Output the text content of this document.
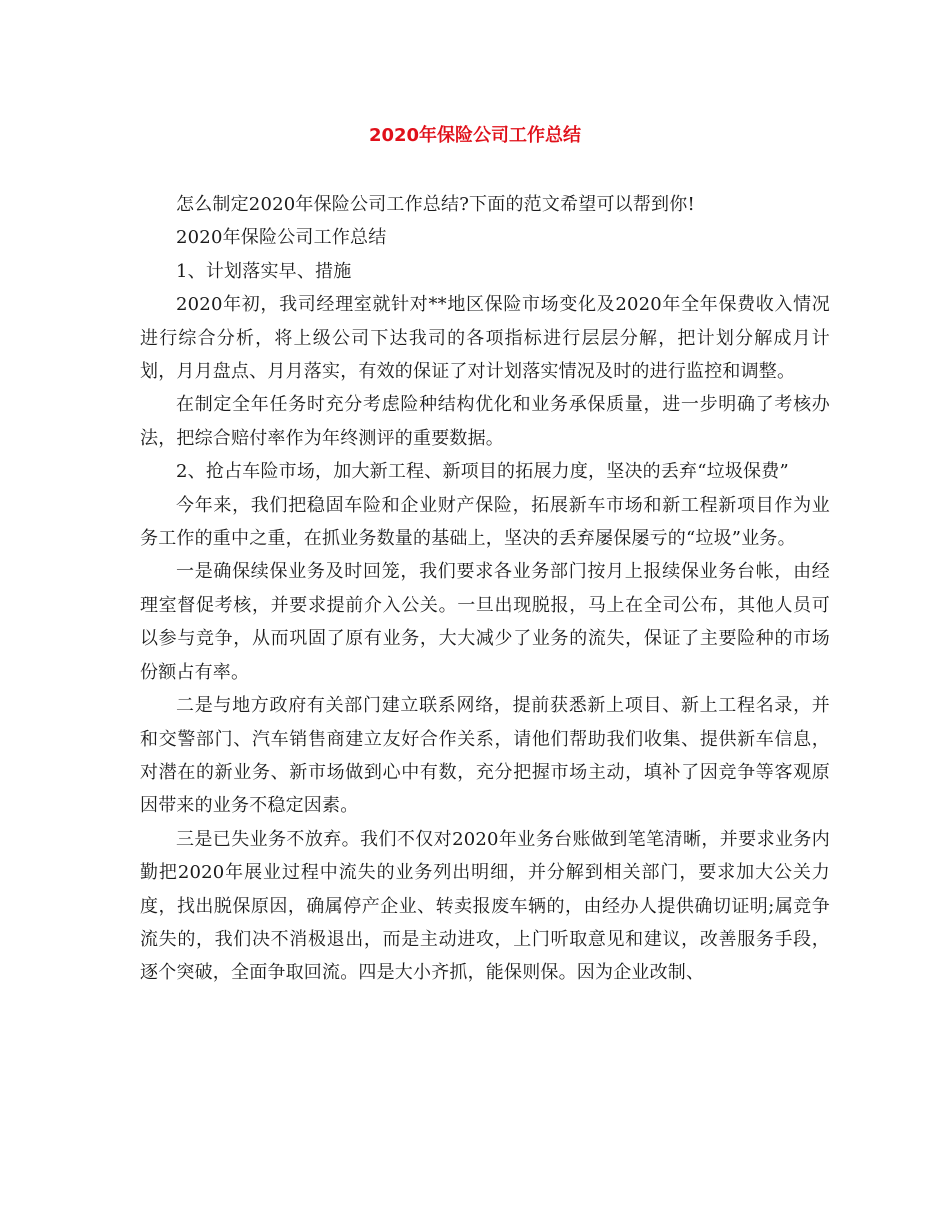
2020年保险公司工作总结

怎么制定2020年保险公司工作总结?下面的范文希望可以帮到你!

2020年保险公司工作总结

1、计划落实早、措施

2020年初，我司经理室就针对**地区保险市场变化及2020年全年保费收入情况进行综合分析，将上级公司下达我司的各项指标进行层层分解，把计划分解成月计划，月月盘点、月月落实，有效的保证了对计划落实情况及时的进行监控和调整。

在制定全年任务时充分考虑险种结构优化和业务承保质量，进一步明确了考核办法，把综合赔付率作为年终测评的重要数据。

2、抢占车险市场，加大新工程、新项目的拓展力度，坚决的丢弃“垃圾保费”

今年来，我们把稳固车险和企业财产保险，拓展新车市场和新工程新项目作为业务工作的重中之重，在抓业务数量的基础上，坚决的丢弃屡保屡亏的“垃圾”业务。

一是确保续保业务及时回笼，我们要求各业务部门按月上报续保业务台帐，由经理室督促考核，并要求提前介入公关。一旦出现脱报，马上在全司公布，其他人员可以参与竞争，从而巩固了原有业务，大大减少了业务的流失，保证了主要险种的市场份额占有率。

二是与地方政府有关部门建立联系网络，提前获悉新上项目、新上工程名录，并和交警部门、汽车销售商建立友好合作关系，请他们帮助我们收集、提供新车信息，对潜在的新业务、新市场做到心中有数，充分把握市场主动，填补了因竞争等客观原因带来的业务不稳定因素。

三是已失业务不放弃。我们不仅对2020年业务台账做到笔笔清晰，并要求业务内勤把2020年展业过程中流失的业务列出明细，并分解到相关部门，要求加大公关力度，找出脱保原因，确属停产企业、转卖报废车辆的，由经办人提供确切证明;属竞争流失的，我们决不消极退出，而是主动进攻，上门听取意见和建议，改善服务手段，逐个突破，全面争取回流。四是大小齐抓，能保则保。因为企业改制、
